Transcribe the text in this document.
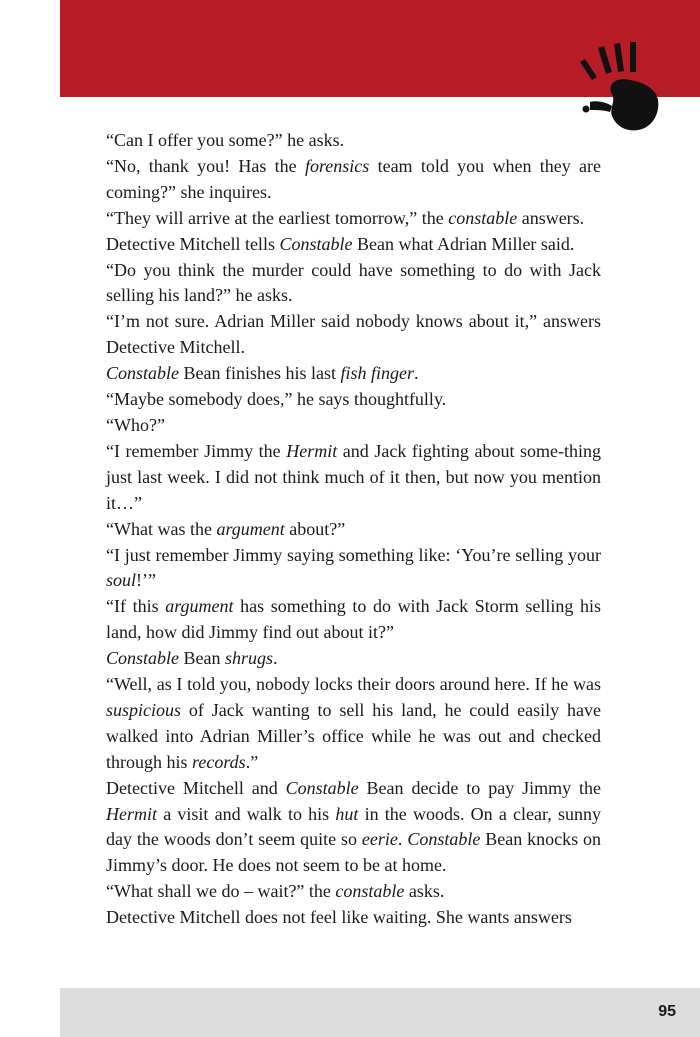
“Can I offer you some?” he asks.

“No, thank you! Has the forensics team told you when they are coming?” she inquires.

“They will arrive at the earliest tomorrow,” the constable answers.

Detective Mitchell tells Constable Bean what Adrian Miller said.

“Do you think the murder could have something to do with Jack selling his land?” he asks.

“I’m not sure. Adrian Miller said nobody knows about it,” answers Detective Mitchell.

Constable Bean finishes his last fish finger.

“Maybe somebody does,” he says thoughtfully.

“Who?”

“I remember Jimmy the Hermit and Jack fighting about some-thing just last week. I did not think much of it then, but now you mention it…”

“What was the argument about?”

“I just remember Jimmy saying something like: ‘You’re selling your soul!’”

“If this argument has something to do with Jack Storm selling his land, how did Jimmy find out about it?”

Constable Bean shrugs.

“Well, as I told you, nobody locks their doors around here. If he was suspicious of Jack wanting to sell his land, he could easily have walked into Adrian Miller’s office while he was out and checked through his records.”

Detective Mitchell and Constable Bean decide to pay Jimmy the Hermit a visit and walk to his hut in the woods. On a clear, sunny day the woods don’t seem quite so eerie. Constable Bean knocks on Jimmy’s door. He does not seem to be at home.

“What shall we do – wait?” the constable asks.

Detective Mitchell does not feel like waiting. She wants answers

95
